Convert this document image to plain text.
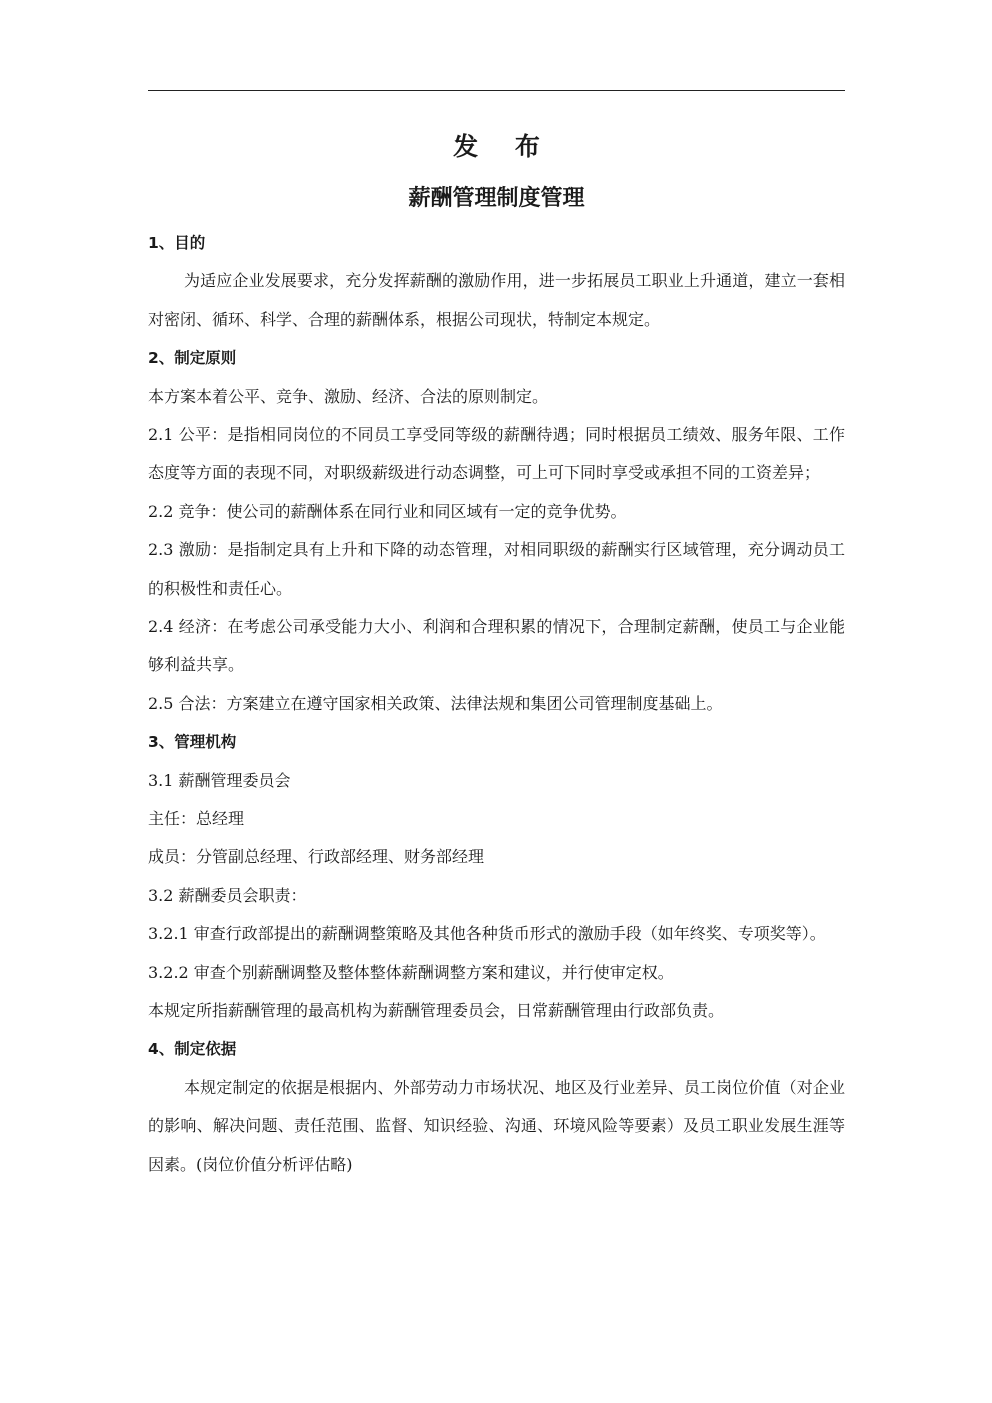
发 布
薪酬管理制度管理

1、目的

为适应企业发展要求，充分发挥薪酬的激励作用，进一步拓展员工职业上升通道，建立一套相对密闭、循环、科学、合理的薪酬体系，根据公司现状，特制定本规定。

2、制定原则

本方案本着公平、竞争、激励、经济、合法的原则制定。

2.1 公平：是指相同岗位的不同员工享受同等级的薪酬待遇；同时根据员工绩效、服务年限、工作态度等方面的表现不同，对职级薪级进行动态调整，可上可下同时享受或承担不同的工资差异；

2.2 竞争：使公司的薪酬体系在同行业和同区域有一定的竞争优势。

2.3 激励：是指制定具有上升和下降的动态管理，对相同职级的薪酬实行区域管理，充分调动员工的积极性和责任心。

2.4 经济：在考虑公司承受能力大小、利润和合理积累的情况下，合理制定薪酬，使员工与企业能够利益共享。

2.5 合法：方案建立在遵守国家相关政策、法律法规和集团公司管理制度基础上。

3、管理机构

3.1 薪酬管理委员会

主任：总经理

成员：分管副总经理、行政部经理、财务部经理

3.2 薪酬委员会职责：

3.2.1 审查行政部提出的薪酬调整策略及其他各种货币形式的激励手段（如年终奖、专项奖等）。

3.2.2 审查个别薪酬调整及整体整体薪酬调整方案和建议，并行使审定权。

本规定所指薪酬管理的最高机构为薪酬管理委员会，日常薪酬管理由行政部负责。

4、制定依据

本规定制定的依据是根据内、外部劳动力市场状况、地区及行业差异、员工岗位价值（对企业的影响、解决问题、责任范围、监督、知识经验、沟通、环境风险等要素）及员工职业发展生涯等因素。(岗位价值分析评估略)
